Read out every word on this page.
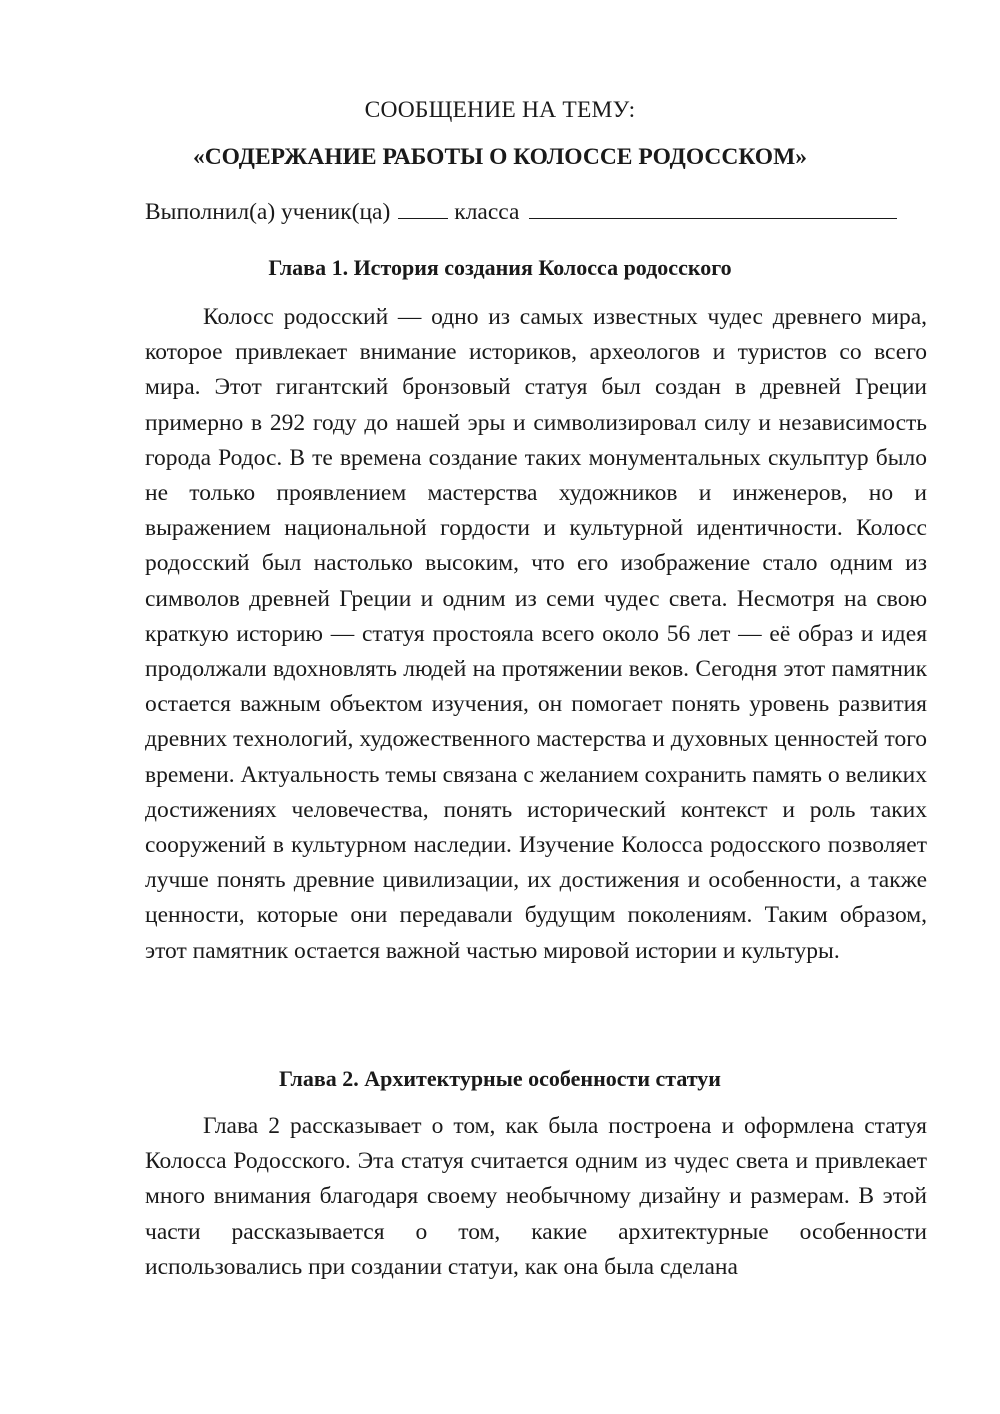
СООБЩЕНИЕ НА ТЕМУ:
«СОДЕРЖАНИЕ РАБОТЫ О КОЛОССЕ РОДОССКОМ»
Выполнил(а) ученик(ца)	класса
Глава 1. История создания Колосса родосского

Колосс родосский — одно из самых известных чудес древнего мира, которое привлекает внимание историков, археологов и туристов со всего мира. Этот гигантский бронзовый статуя был создан в древней Греции примерно в 292 году до нашей эры и символизировал силу и независимость города Родос. В те времена создание таких монументальных скульптур было не только проявлением мастерства художников и инженеров, но и выражением национальной гордости и культурной идентичности. Колосс родосский был настолько высоким, что его изображение стало одним из символов древней Греции и одним из семи чудес света. Несмотря на свою краткую историю — статуя простояла всего около 56 лет — её образ и идея продолжали вдохновлять людей на протяжении веков. Сегодня этот памятник остается важным объектом изучения, он помогает понять уровень развития древних технологий, художественного мастерства и духовных ценностей того времени. Актуальность темы связана с желанием сохранить память о великих достижениях человечества, понять исторический контекст и роль таких сооружений в культурном наследии. Изучение Колосса родосского позволяет лучше понять древние цивилизации, их достижения и особенности, а также ценности, которые они передавали будущим поколениям. Таким образом, этот памятник остается важной частью мировой истории и культуры.

Глава 2. Архитектурные особенности статуи

Глава 2 рассказывает о том, как была построена и оформлена статуя Колосса Родосского. Эта статуя считается одним из чудес света и привлекает много внимания благодаря своему необычному дизайну и размерам. В этой части рассказывается о том, какие архитектурные особенности использовались при создании статуи, как она была сделана
